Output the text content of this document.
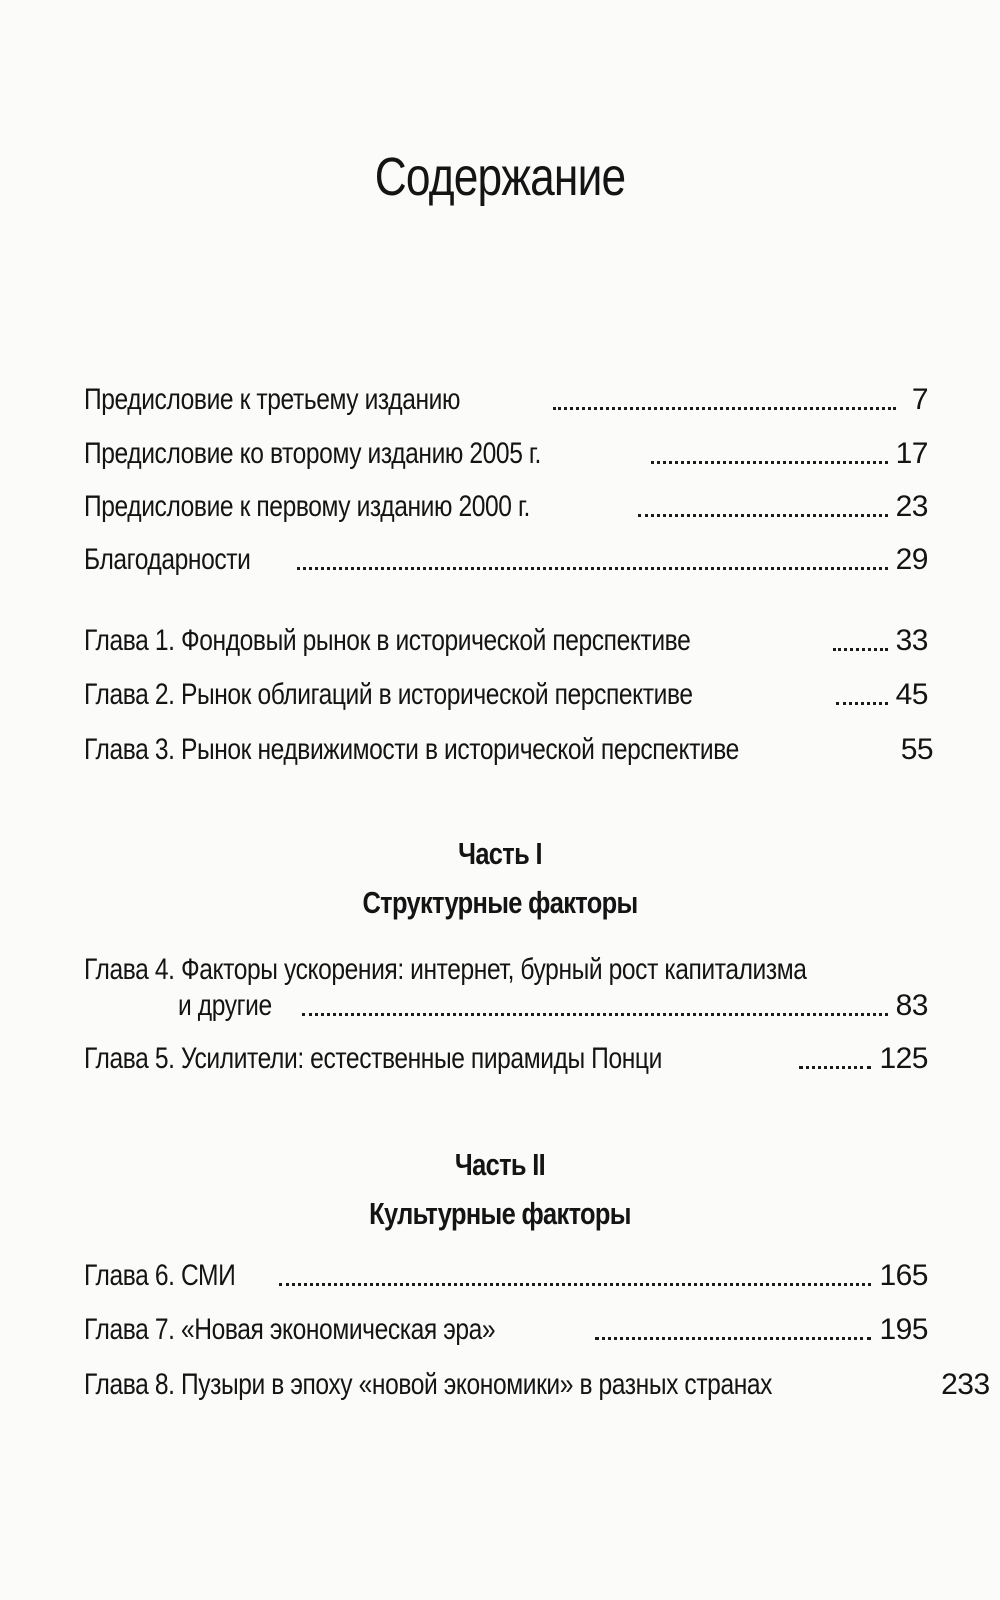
Содержание
Предисловие к третьему изданию	7
Предисловие ко второму изданию 2005 г.	17
Предисловие к первому изданию 2000 г.	23
Благодарности	29
Глава 1. Фондовый рынок в исторической перспективе	33
Глава 2. Рынок облигаций в исторической перспективе	45
Глава 3. Рынок недвижимости в исторической перспективе	55
Часть I
Структурные факторы
Глава 4. Факторы ускорения: интернет, бурный рост капитализма
и другие	83
Глава 5. Усилители: естественные пирамиды Понци	125
Часть II
Культурные факторы
Глава 6. СМИ	165
Глава 7. «Новая экономическая эра»	195
Глава 8. Пузыри в эпоху «новой экономики» в разных странах	233
